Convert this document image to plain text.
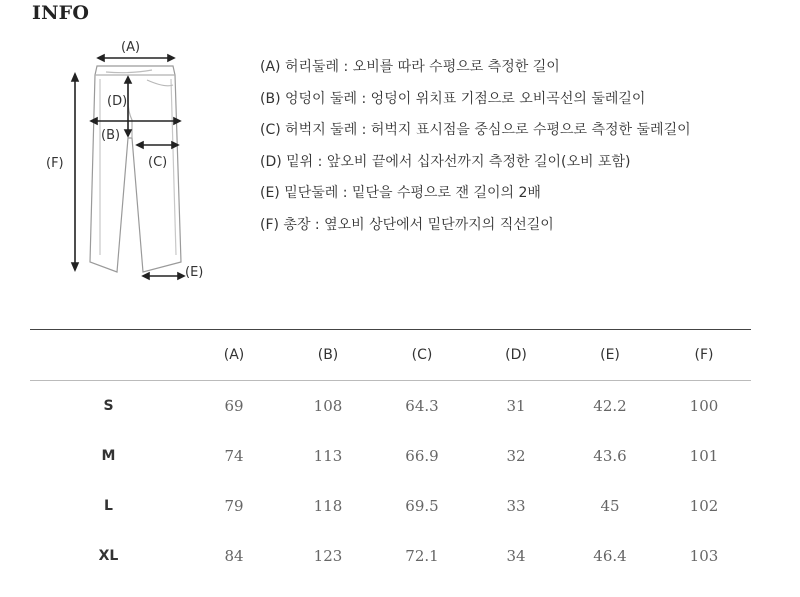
INFO
(A)
(D)
(B)
(C)
(F)
(E)
(A) 허리둘레 : 오비를 따라 수평으로 측정한 길이
(B) 엉덩이 둘레 : 엉덩이 위치표 기점으로 오비곡선의 둘레길이
(C) 허벅지 둘레 : 허벅지 표시점을 중심으로 수평으로 측정한 둘레길이
(D) 밑위 : 앞오비 끝에서 십자선까지 측정한 길이(오비 포함)
(E) 밑단둘레 : 밑단을 수평으로 잰 길이의 2배
(F) 총장 : 옆오비 상단에서 밑단까지의 직선길이
	(A)	(B)	(C)	(D)	(E)	(F)
S	69	108	64.3	31	42.2	100
M	74	113	66.9	32	43.6	101
L	79	118	69.5	33	45	102
XL	84	123	72.1	34	46.4	103
